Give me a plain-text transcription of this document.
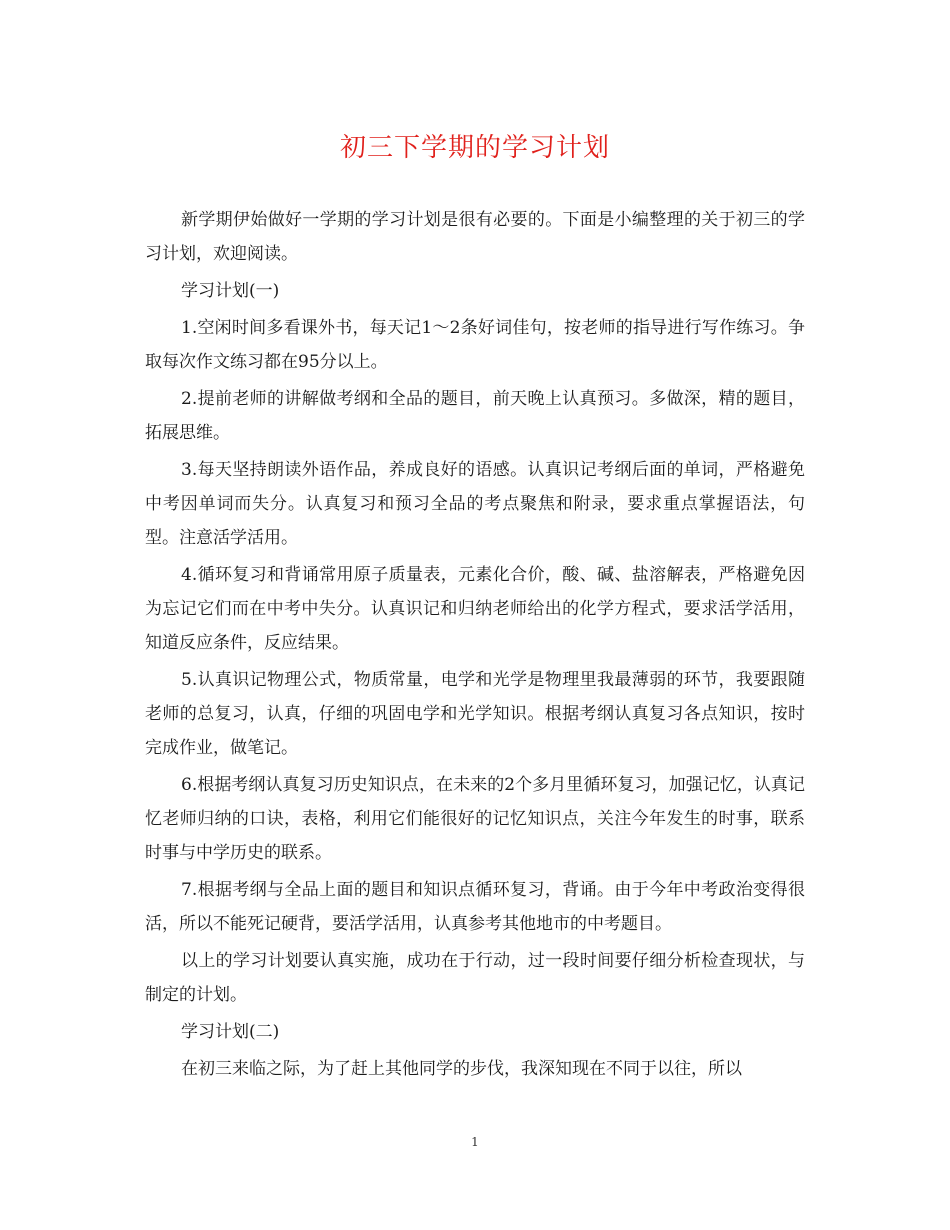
初三下学期的学习计划

新学期伊始做好一学期的学习计划是很有必要的。下面是小编整理的关于初三的学习计划，欢迎阅读。

学习计划(一)

1.空闲时间多看课外书，每天记1～2条好词佳句，按老师的指导进行写作练习。争取每次作文练习都在95分以上。

2.提前老师的讲解做考纲和全品的题目，前天晚上认真预习。多做深，精的题目，拓展思维。

3.每天坚持朗读外语作品，养成良好的语感。认真识记考纲后面的单词，严格避免中考因单词而失分。认真复习和预习全品的考点聚焦和附录，要求重点掌握语法，句型。注意活学活用。

4.循环复习和背诵常用原子质量表，元素化合价，酸、碱、盐溶解表，严格避免因为忘记它们而在中考中失分。认真识记和归纳老师给出的化学方程式，要求活学活用，知道反应条件，反应结果。

5.认真识记物理公式，物质常量，电学和光学是物理里我最薄弱的环节，我要跟随老师的总复习，认真，仔细的巩固电学和光学知识。根据考纲认真复习各点知识，按时完成作业，做笔记。

6.根据考纲认真复习历史知识点，在未来的2个多月里循环复习，加强记忆，认真记忆老师归纳的口诀，表格，利用它们能很好的记忆知识点，关注今年发生的时事，联系时事与中学历史的联系。

7.根据考纲与全品上面的题目和知识点循环复习，背诵。由于今年中考政治变得很活，所以不能死记硬背，要活学活用，认真参考其他地市的中考题目。

以上的学习计划要认真实施，成功在于行动，过一段时间要仔细分析检查现状，与制定的计划。

学习计划(二)

在初三来临之际，为了赶上其他同学的步伐，我深知现在不同于以往，所以

1
